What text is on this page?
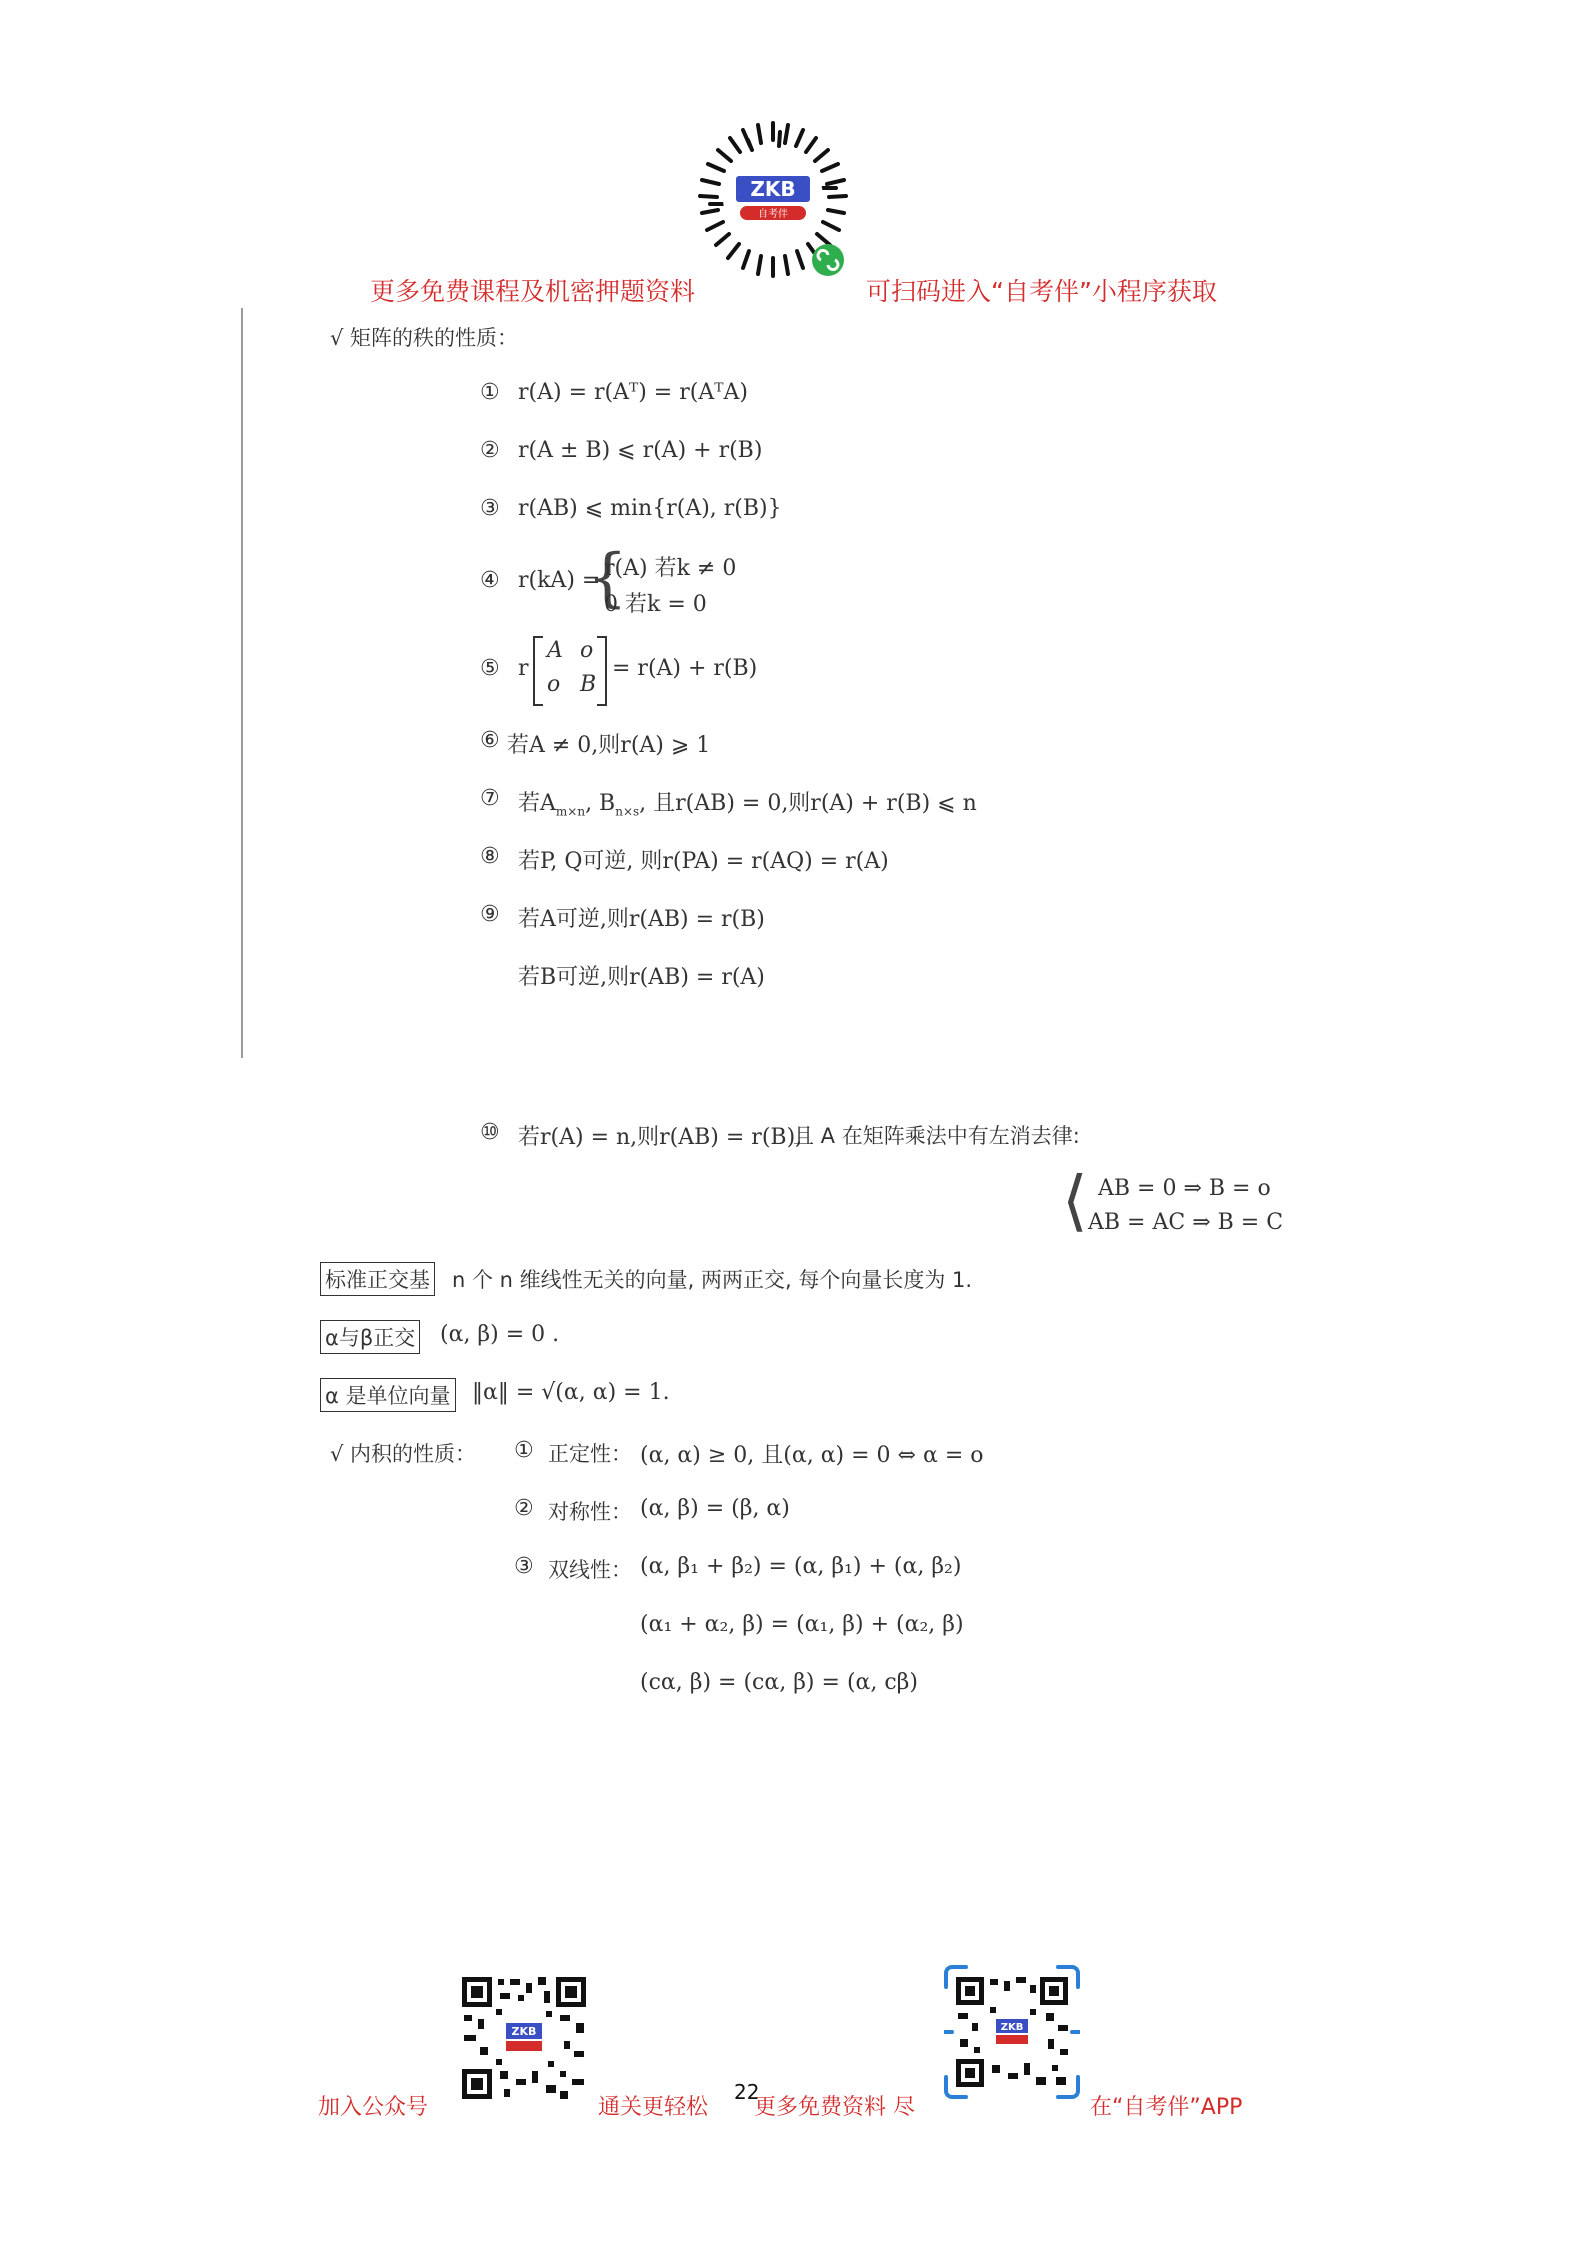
更多免费课程及机密押题资料
ZKB
自考伴
可扫码进入“自考伴”小程序获取
√ 矩阵的秩的性质：
① r(A) = r(Aᵀ) = r(AᵀA)
② r(A ± B) ⩽ r(A) + r(B)
③ r(AB) ⩽ min{r(A), r(B)}
④ r(kA) =
{
r(A) 若k ≠ 0
0 若k = 0
⑤ r
A o
o B
= r(A) + r(B)
⑥ 若A ≠ 0,则r(A) ⩾ 1
⑦ 若$A_{m\times n}$, $B_{n\times s}$, 且r(AB) = 0,则r(A) + r(B) ⩽ n
⑧ 若P, Q可逆, 则r(PA) = r(AQ) = r(A)
⑨ 若A可逆,则r(AB) = r(B)
若B可逆,则r(AB) = r(A)
⑩ 若r(A) = n,则r(AB) = r(B),
且 A 在矩阵乘法中有左消去律:
⟨ AB = 0 ⇒ B = o
AB = AC ⇒ B = C
标准正交基 n 个 n 维线性无关的向量, 两两正交, 每个向量长度为 1.
α与β正交 (α, β) = 0 .
α 是单位向量 ‖α‖ = √(α, α) = 1.
√ 内积的性质： ① 正定性： (α, α) ≥ 0, 且(α, α) = 0 ⇔ α = o
② 对称性： (α, β) = (β, α)
③ 双线性： (α, β₁ + β₂) = (α, β₁) + (α, β₂)
(α₁ + α₂, β) = (α₁, β) + (α₂, β)
(cα, β) = (cα, β) = (α, cβ)
加入公众号
ZKB
通关更轻松
22
更多免费资料 尽
ZKB
在“自考伴”APP
